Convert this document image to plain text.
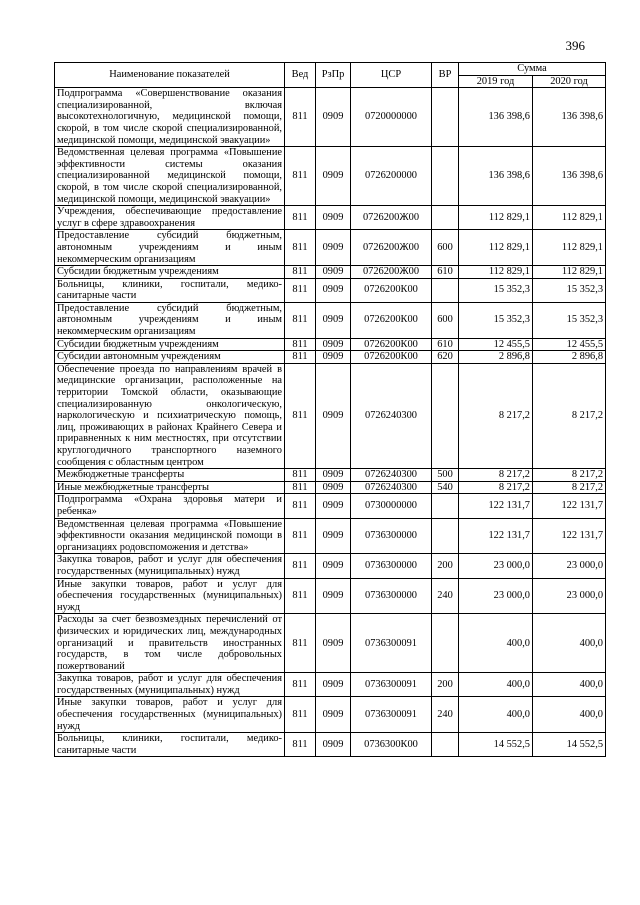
396
Наименование показателей	Вед	РзПр	ЦСР	ВР	Сумма	
					2019 год	2020 год
Подпрограмма «Совершенствование оказания специализированной, включая высокотехнологичную, медицинской помощи, скорой, в том числе скорой специализированной, медицинской помощи, медицинской эвакуации»	811	0909	0720000000		136 398,6	136 398,6
Ведомственная целевая программа «Повышение эффективности системы оказания специализированной медицинской помощи, скорой, в том числе скорой специализированной, медицинской помощи, медицинской эвакуации»	811	0909	0726200000		136 398,6	136 398,6
Учреждения, обеспечивающие предоставление услуг в сфере здравоохранения	811	0909	0726200Ж00		112 829,1	112 829,1
Предоставление субсидий бюджетным, автономным учреждениям и иным некоммерческим организациям	811	0909	0726200Ж00	600	112 829,1	112 829,1
Субсидии бюджетным учреждениям	811	0909	0726200Ж00	610	112 829,1	112 829,1
Больницы, клиники, госпитали, медико-санитарные части	811	0909	0726200К00		15 352,3	15 352,3
Предоставление субсидий бюджетным, автономным учреждениям и иным некоммерческим организациям	811	0909	0726200К00	600	15 352,3	15 352,3
Субсидии бюджетным учреждениям	811	0909	0726200К00	610	12 455,5	12 455,5
Субсидии автономным учреждениям	811	0909	0726200К00	620	2 896,8	2 896,8
Обеспечение проезда по направлениям врачей в медицинские организации, расположенные на территории Томской области, оказывающие специализированную онкологическую, наркологическую и психиатрическую помощь, лиц, проживающих в районах Крайнего Севера и приравненных к ним местностях, при отсутствии круглогодичного транспортного наземного сообщения с областным центром	811	0909	0726240300		8 217,2	8 217,2
Межбюджетные трансферты	811	0909	0726240300	500	8 217,2	8 217,2
Иные межбюджетные трансферты	811	0909	0726240300	540	8 217,2	8 217,2
Подпрограмма «Охрана здоровья матери и ребенка»	811	0909	0730000000		122 131,7	122 131,7
Ведомственная целевая программа «Повышение эффективности оказания медицинской помощи в организациях родовспоможения и детства»	811	0909	0736300000		122 131,7	122 131,7
Закупка товаров, работ и услуг для обеспечения государственных (муниципальных) нужд	811	0909	0736300000	200	23 000,0	23 000,0
Иные закупки товаров, работ и услуг для обеспечения государственных (муниципальных) нужд	811	0909	0736300000	240	23 000,0	23 000,0
Расходы за счет безвозмездных перечислений от физических и юридических лиц, международных организаций и правительств иностранных государств, в том числе добровольных пожертвований	811	0909	0736300091		400,0	400,0
Закупка товаров, работ и услуг для обеспечения государственных (муниципальных) нужд	811	0909	0736300091	200	400,0	400,0
Иные закупки товаров, работ и услуг для обеспечения государственных (муниципальных) нужд	811	0909	0736300091	240	400,0	400,0
Больницы, клиники, госпитали, медико-санитарные части	811	0909	0736300К00		14 552,5	14 552,5
